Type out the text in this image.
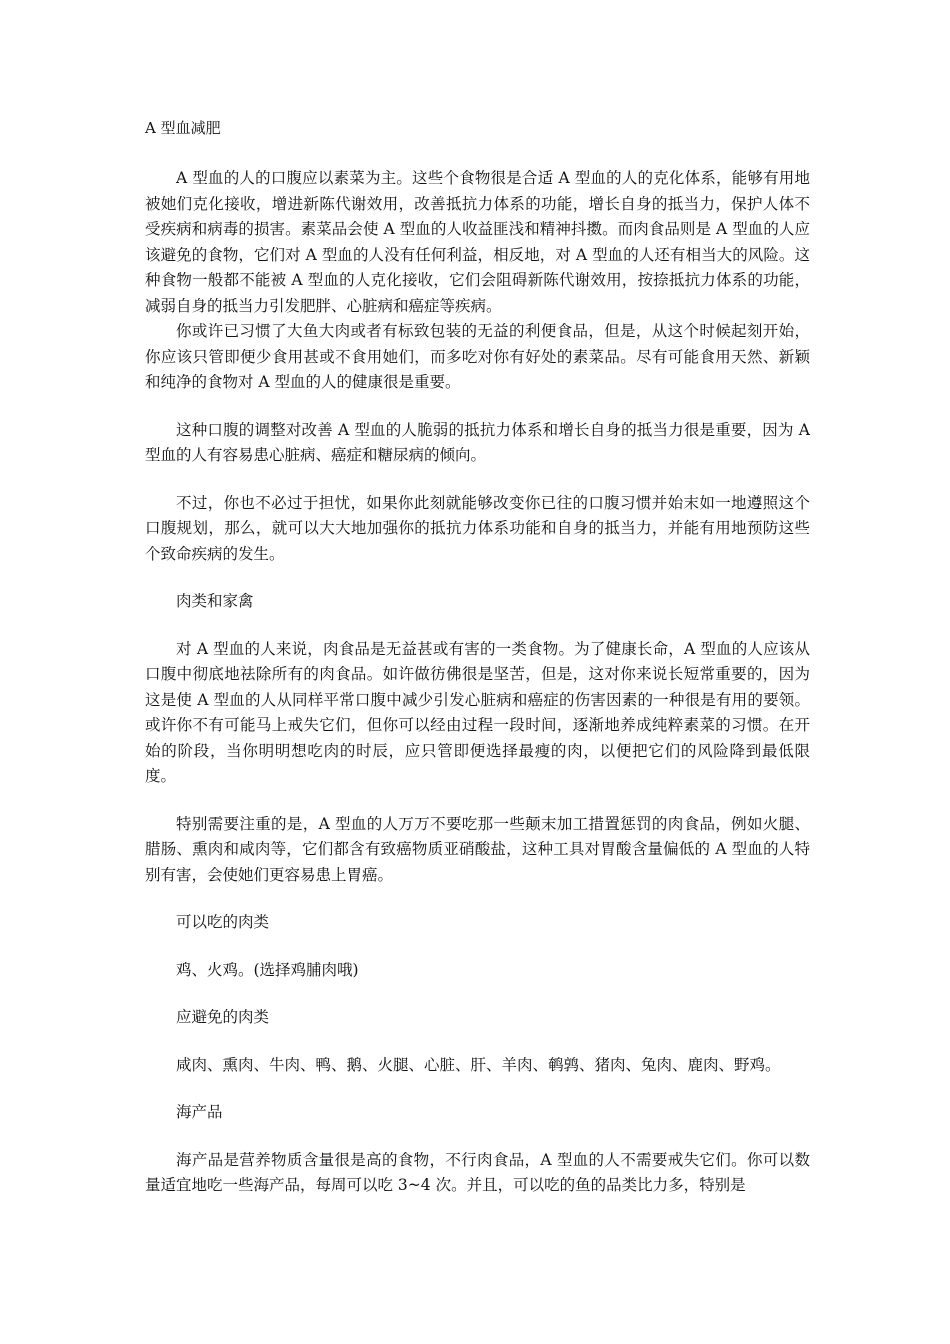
A 型血减肥

A 型血的人的口腹应以素菜为主。这些个食物很是合适 A 型血的人的克化体系，能够有用地被她们克化接收，增进新陈代谢效用，改善抵抗力体系的功能，增长自身的抵当力，保护人体不受疾病和病毒的损害。素菜品会使 A 型血的人收益匪浅和精神抖擞。而肉食品则是 A 型血的人应该避免的食物，它们对 A 型血的人没有任何利益，相反地，对 A 型血的人还有相当大的风险。这种食物一般都不能被 A 型血的人克化接收，它们会阻碍新陈代谢效用，按捺抵抗力体系的功能，减弱自身的抵当力引发肥胖、心脏病和癌症等疾病。

你或许已习惯了大鱼大肉或者有标致包装的无益的利便食品，但是，从这个时候起刻开始，你应该只管即便少食用甚或不食用她们，而多吃对你有好处的素菜品。尽有可能食用天然、新颖和纯净的食物对 A 型血的人的健康很是重要。

这种口腹的调整对改善 A 型血的人脆弱的抵抗力体系和增长自身的抵当力很是重要，因为 A 型血的人有容易患心脏病、癌症和糖尿病的倾向。

不过，你也不必过于担忧，如果你此刻就能够改变你已往的口腹习惯并始末如一地遵照这个口腹规划，那么，就可以大大地加强你的抵抗力体系功能和自身的抵当力，并能有用地预防这些个致命疾病的发生。

肉类和家禽

对 A 型血的人来说，肉食品是无益甚或有害的一类食物。为了健康长命，A 型血的人应该从口腹中彻底地祛除所有的肉食品。如许做彷佛很是坚苦，但是，这对你来说长短常重要的，因为这是使 A 型血的人从同样平常口腹中减少引发心脏病和癌症的伤害因素的一种很是有用的要领。或许你不有可能马上戒失它们，但你可以经由过程一段时间，逐渐地养成纯粹素菜的习惯。在开始的阶段，当你明明想吃肉的时辰，应只管即便选择最瘦的肉，以便把它们的风险降到最低限度。

特别需要注重的是，A 型血的人万万不要吃那一些颠末加工措置惩罚的肉食品，例如火腿、腊肠、熏肉和咸肉等，它们都含有致癌物质亚硝酸盐，这种工具对胃酸含量偏低的 A 型血的人特别有害，会使她们更容易患上胃癌。

可以吃的肉类
鸡、火鸡。(选择鸡脯肉哦)
应避免的肉类
咸肉、熏肉、牛肉、鸭、鹅、火腿、心脏、肝、羊肉、鹌鹑、猪肉、兔肉、鹿肉、野鸡。
海产品

海产品是营养物质含量很是高的食物，不行肉食品，A 型血的人不需要戒失它们。你可以数量适宜地吃一些海产品，每周可以吃 3~4 次。并且，可以吃的鱼的品类比力多，特别是
